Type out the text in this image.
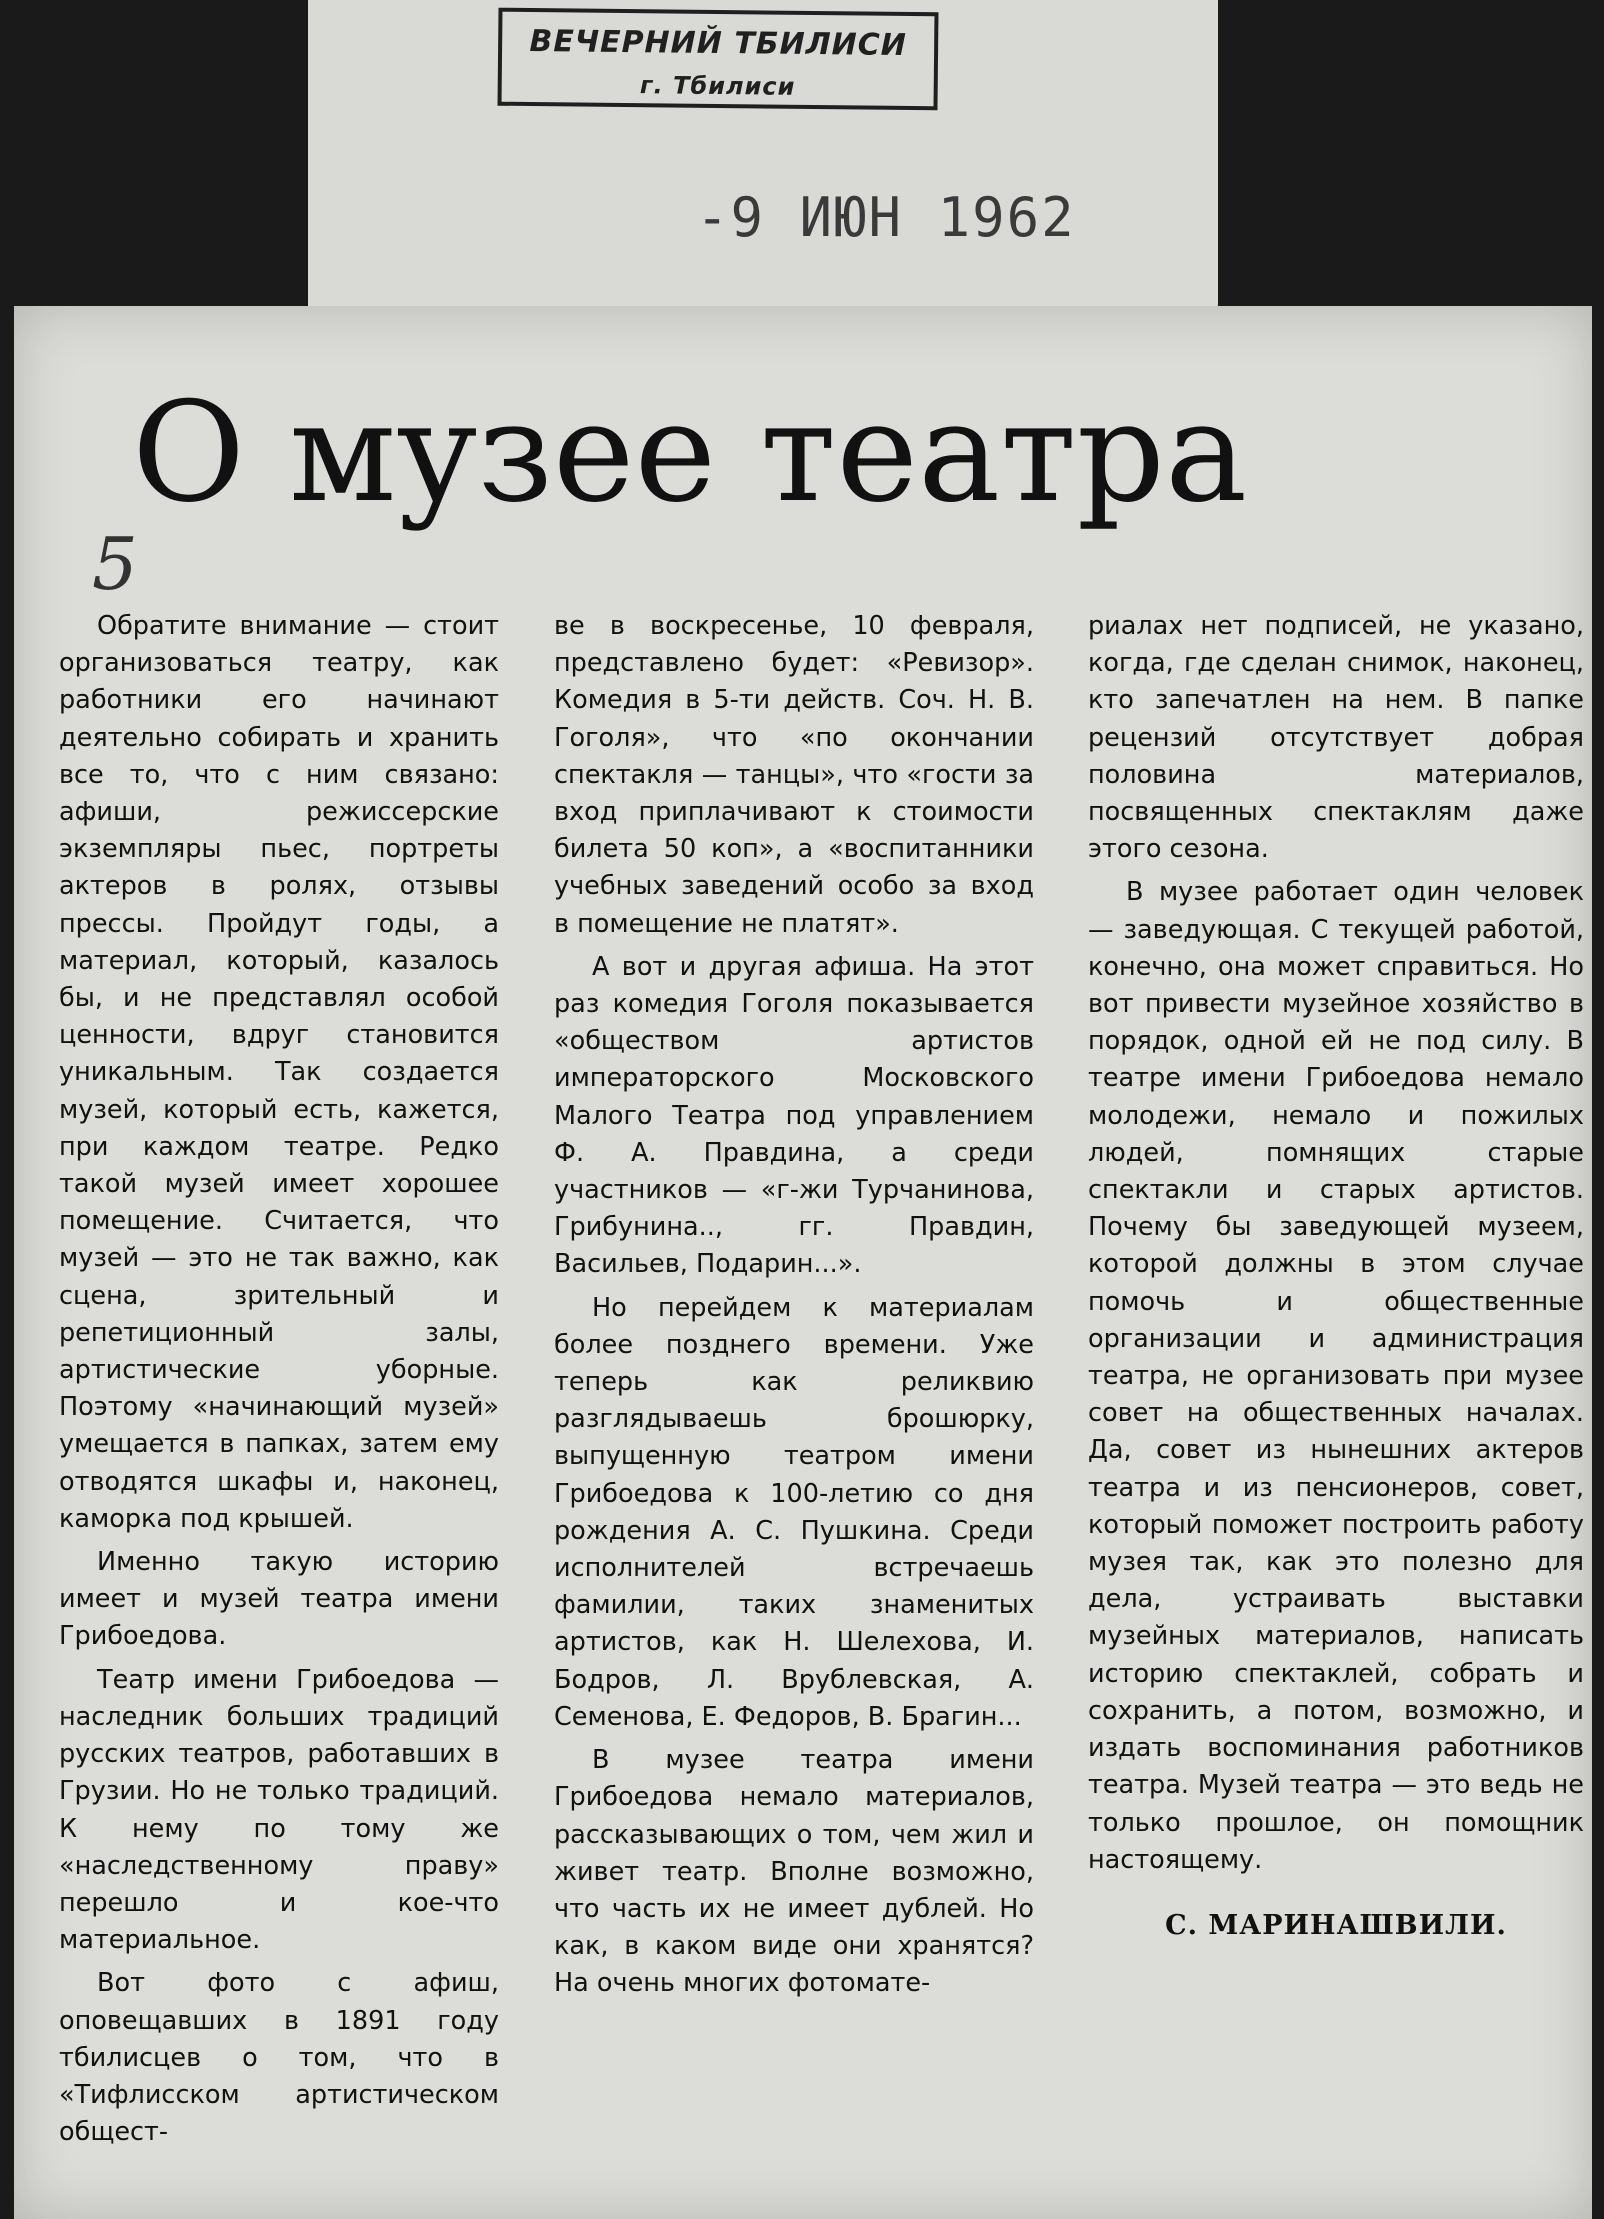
ВЕЧЕРНИЙ ТБИЛИСИ
г. Тбилиси
-9 ИЮН 1962
О музее театра
5

Обратите внимание — стоит организоваться театру, как работники его начинают деятельно собирать и хранить все то, что с ним связано: афиши, режиссерские экземпляры пьес, портреты актеров в ролях, отзывы прессы. Пройдут годы, а материал, который, казалось бы, и не представлял особой ценности, вдруг становится уникальным. Так создается музей, который есть, кажется, при каждом театре. Редко такой музей имеет хорошее помещение. Считается, что музей — это не так важно, как сцена, зрительный и репетиционный залы, артистические уборные. Поэтому «начинающий музей» умещается в папках, затем ему отводятся шкафы и, наконец, каморка под крышей.

Именно такую историю имеет и музей театра имени Грибоедова.

Театр имени Грибоедова — наследник больших традиций русских театров, работавших в Грузии. Но не только традиций. К нему по тому же «наследственному праву» перешло и кое-что материальное.

Вот фото с афиш, оповещавших в 1891 году тбилисцев о том, что в «Тифлисском артистическом общест-

ве в воскресенье, 10 февраля, представлено будет: «Ревизор». Комедия в 5-ти действ. Соч. Н. В. Гоголя», что «по окончании спектакля — танцы», что «гости за вход приплачивают к стоимости билета 50 коп», а «воспитанники учебных заведений особо за вход в помещение не платят».

А вот и другая афиша. На этот раз комедия Гоголя показывается «обществом артистов императорского Московского Малого Театра под управлением Ф. А. Правдина, а среди участников — «г-жи Турчанинова, Грибунина.., гг. Правдин, Васильев, Подарин...».

Но перейдем к материалам более позднего времени. Уже теперь как реликвию разглядываешь брошюрку, выпущенную театром имени Грибоедова к 100-летию со дня рождения А. С. Пушкина. Среди исполнителей встречаешь фамилии, таких знаменитых артистов, как Н. Шелехова, И. Бодров, Л. Врублевская, А. Семенова, Е. Федоров, В. Брагин...

В музее театра имени Грибоедова немало материалов, рассказывающих о том, чем жил и живет театр. Вполне возможно, что часть их не имеет дублей. Но как, в каком виде они хранятся? На очень многих фотомате-

риалах нет подписей, не указано, когда, где сделан снимок, наконец, кто запечатлен на нем. В папке рецензий отсутствует добрая половина материалов, посвященных спектаклям даже этого сезона.

В музее работает один человек — заведующая. С текущей работой, конечно, она может справиться. Но вот привести музейное хозяйство в порядок, одной ей не под силу. В театре имени Грибоедова немало молодежи, немало и пожилых людей, помнящих старые спектакли и старых артистов. Почему бы заведующей музеем, которой должны в этом случае помочь и общественные организации и администрация театра, не организовать при музее совет на общественных началах. Да, совет из нынешних актеров театра и из пенсионеров, совет, который поможет построить работу музея так, как это полезно для дела, устраивать выставки музейных материалов, написать историю спектаклей, собрать и сохранить, а потом, возможно, и издать воспоминания работников театра. Музей театра — это ведь не только прошлое, он помощник настоящему.

С. МАРИНАШВИЛИ.
